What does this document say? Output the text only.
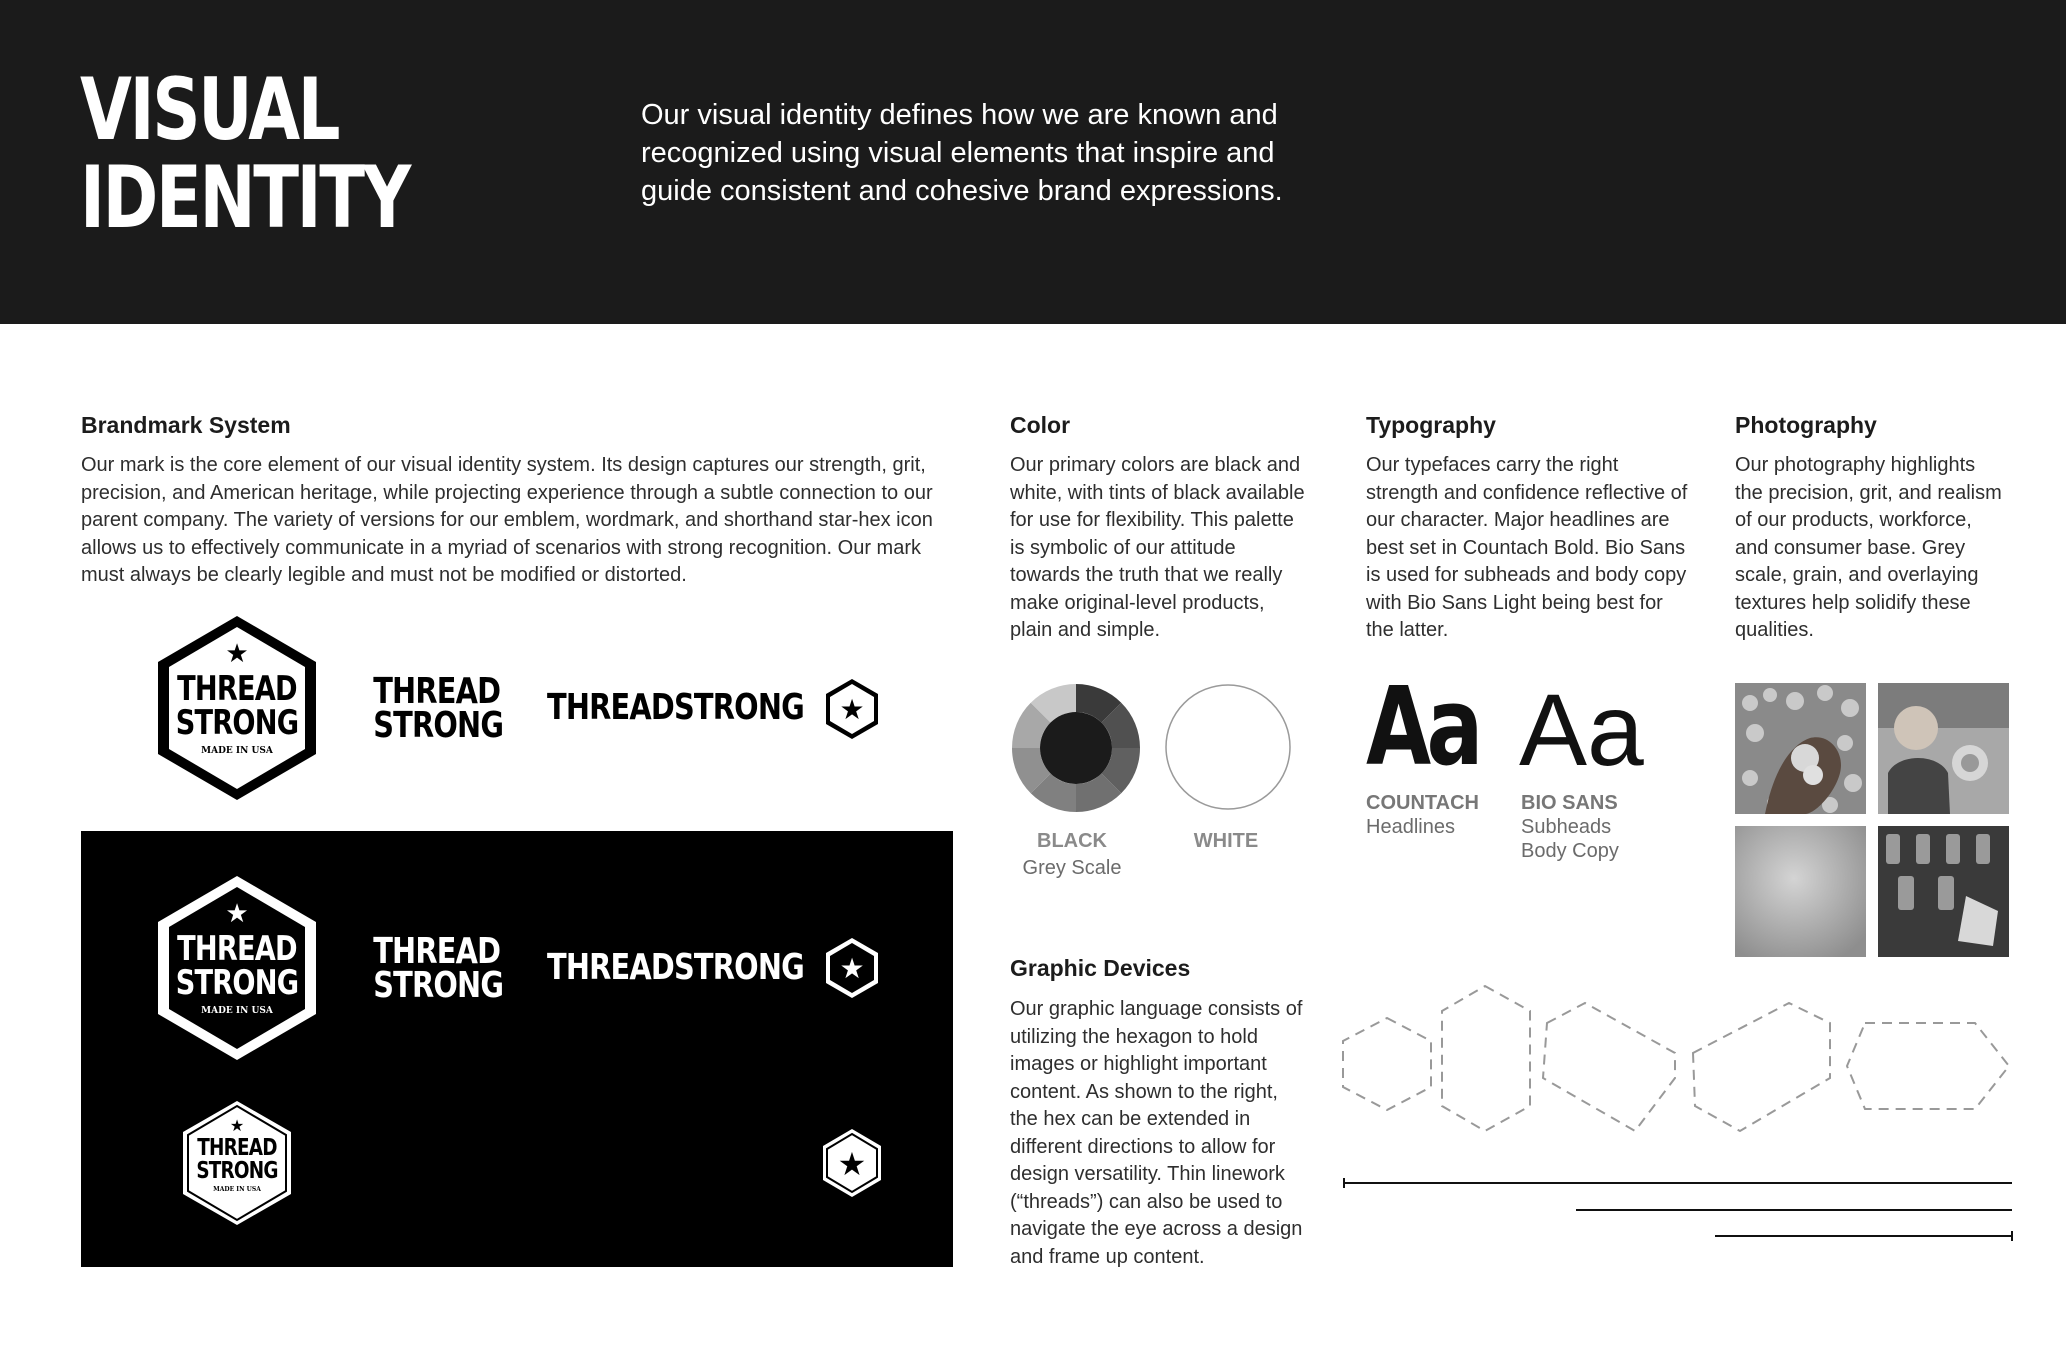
VISUAL
IDENTITY
Our visual identity defines how we are known and recognized using visual elements that inspire and guide consistent and cohesive brand expressions.
Brandmark System

Our mark is the core element of our visual identity system. Its design captures our strength, grit, precision, and American heritage, while projecting experience through a subtle connection to our parent company. The variety of versions for our emblem, wordmark, and shorthand star-hex icon allows us to effectively communicate in a myriad of scenarios with strong recognition. Our mark must always be clearly legible and must not be modified or distorted.

★
THREAD
STRONG
MADE IN USA
THREAD
STRONG THREADSTRONG ★
★
THREAD
STRONG
MADE IN USA
THREAD
STRONG THREADSTRONG ★
★
THREAD
STRONG
MADE IN USA
★
Color

Our primary colors are black and white, with tints of black available for use for flexibility. This palette is symbolic of our attitude towards the truth that we really make original-level products, plain and simple.

BLACK
Grey Scale
WHITE
Typography

Our typefaces carry the right strength and confidence reflective of our character. Major headlines are best set in Countach Bold. Bio Sans is used for subheads and body copy with Bio Sans Light being best for the latter.

Aa Aa
COUNTACH
Headlines
BIO SANS
Subheads
Body Copy
Photography

Our photography highlights the precision, grit, and realism of our products, workforce, and consumer base. Grey scale, grain, and overlaying textures help solidify these qualities.

Graphic Devices

Our graphic language consists of utilizing the hexagon to hold images or highlight important content. As shown to the right, the hex can be extended in different directions to allow for design versatility. Thin linework (“threads”) can also be used to navigate the eye across a design and frame up content.
